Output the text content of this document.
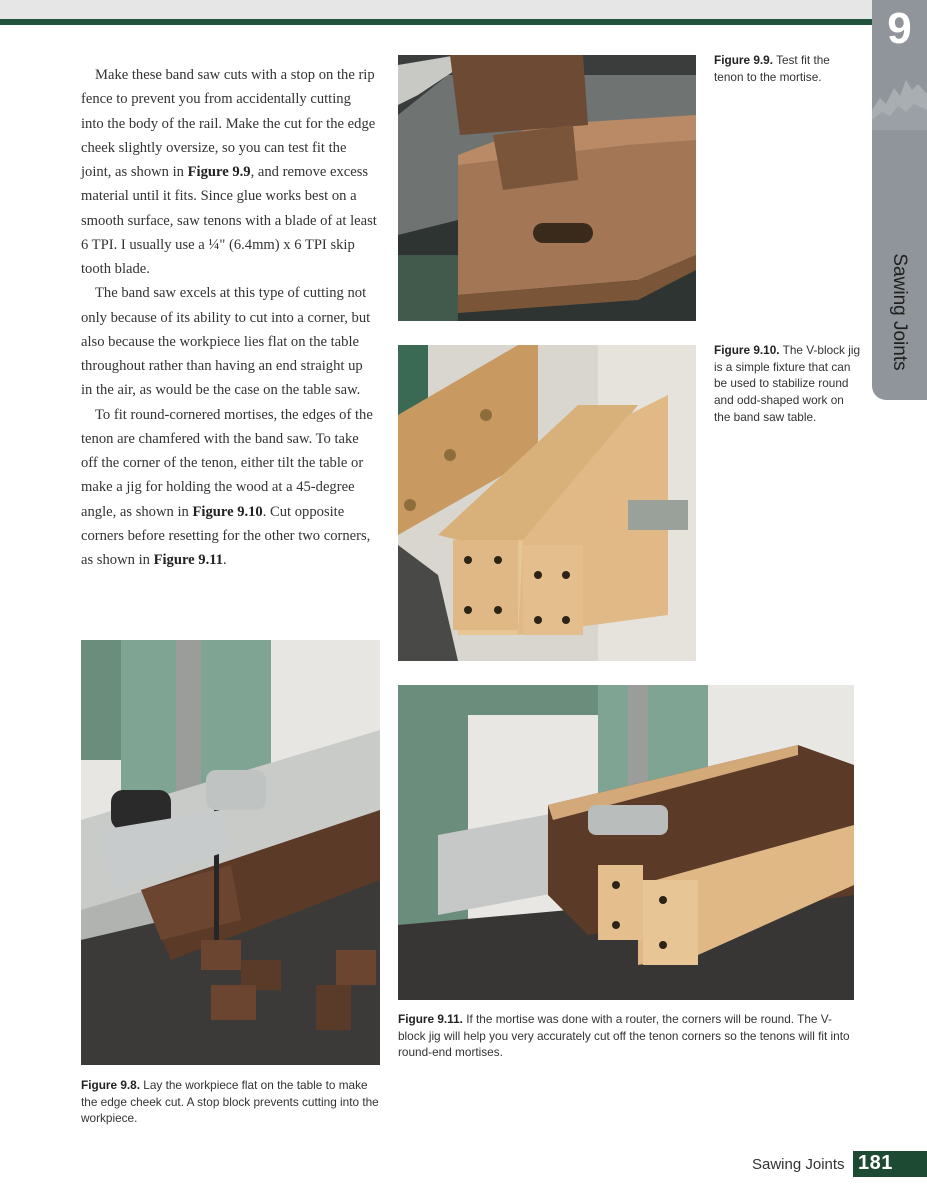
9
Sawing Joints

Make these band saw cuts with a stop on the rip fence to prevent you from accidentally cutting into the body of the rail. Make the cut for the edge cheek slightly oversize, so you can test fit the joint, as shown in Figure 9.9, and remove excess material until it fits. Since glue works best on a smooth surface, saw tenons with a blade of at least 6 TPI. I usually use a ¼" (6.4mm) x 6 TPI skip tooth blade.

The band saw excels at this type of cutting not only because of its ability to cut into a corner, but also because the workpiece lies flat on the table throughout rather than having an end straight up in the air, as would be the case on the table saw.

To fit round-cornered mortises, the edges of the tenon are chamfered with the band saw. To take off the corner of the tenon, either tilt the table or make a jig for holding the wood at a 45-degree angle, as shown in Figure 9.10. Cut opposite corners before resetting for the other two corners, as shown in Figure 9.11.

Figure 9.9. Test fit the tenon to the mortise.
Figure 9.10. The V-block jig is a simple fixture that can be used to stabilize round and odd-shaped work on the band saw table.
Figure 9.11. If the mortise was done with a router, the corners will be round. The V-block jig will help you very accurately cut off the tenon corners so the tenons will fit into round-end mortises.
Figure 9.8. Lay the workpiece flat on the table to make the edge cheek cut. A stop block prevents cutting into the workpiece.
Sawing Joints 181
